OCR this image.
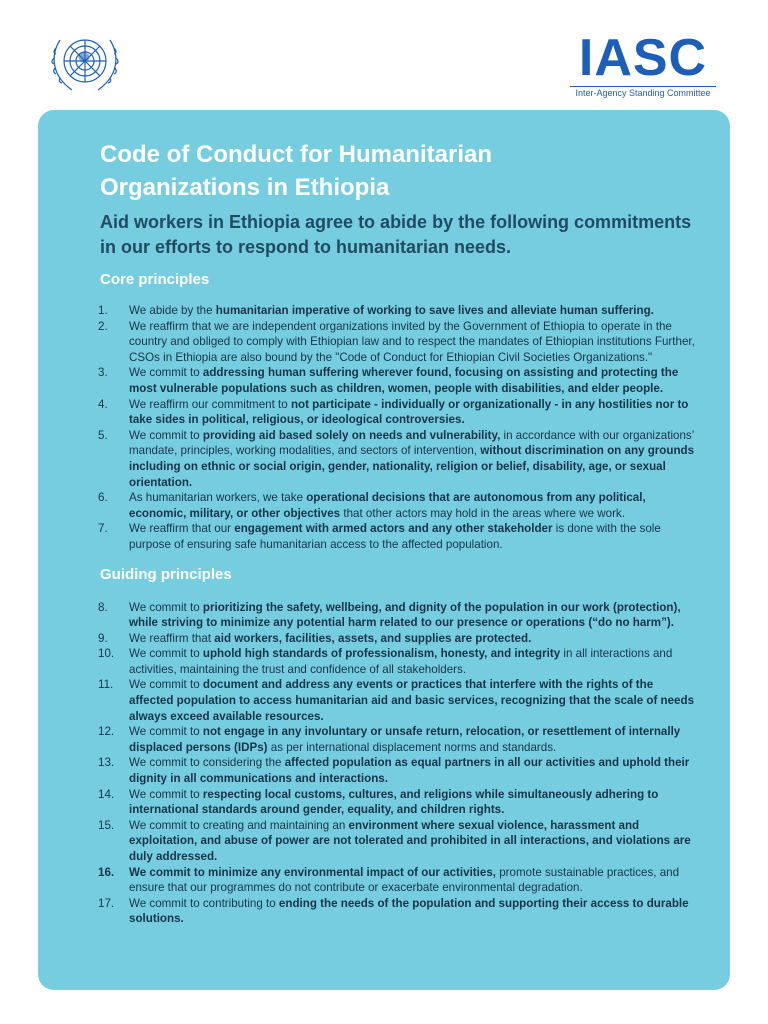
IASC
Inter-Agency Standing Committee
Code of Conduct for Humanitarian
Organizations in Ethiopia

Aid workers in Ethiopia agree to abide by the following commitments in our efforts to respond to humanitarian needs.

Core principles
1.	We abide by the humanitarian imperative of working to save lives and alleviate human suffering.
2.	We reaffirm that we are independent organizations invited by the Government of Ethiopia to operate in the country and obliged to comply with Ethiopian law and to respect the mandates of Ethiopian institutions Further, CSOs in Ethiopia are also bound by the "Code of Conduct for Ethiopian Civil Societies Organizations."
3.	We commit to addressing human suffering wherever found, focusing on assisting and protecting the most vulnerable populations such as children, women, people with disabilities, and elder people.
4.	We reaffirm our commitment to not participate - individually or organizationally - in any hostilities nor to take sides in political, religious, or ideological controversies.
5.	We commit to providing aid based solely on needs and vulnerability, in accordance with our organizations’ mandate, principles, working modalities, and sectors of intervention, without discrimination on any grounds including on ethnic or social origin, gender, nationality, religion or belief, disability, age, or sexual orientation.
6.	As humanitarian workers, we take operational decisions that are autonomous from any political, economic, military, or other objectives that other actors may hold in the areas where we work.
7.	We reaffirm that our engagement with armed actors and any other stakeholder is done with the sole purpose of ensuring safe humanitarian access to the affected population.
Guiding principles
8.	We commit to prioritizing the safety, wellbeing, and dignity of the population in our work (protection), while striving to minimize any potential harm related to our presence or operations (“do no harm”).
9.	We reaffirm that aid workers, facilities, assets, and supplies are protected.
10.	We commit to uphold high standards of professionalism, honesty, and integrity in all interactions and activities, maintaining the trust and confidence of all stakeholders.
11.	We commit to document and address any events or practices that interfere with the rights of the affected population to access humanitarian aid and basic services, recognizing that the scale of needs always exceed available resources.
12.	We commit to not engage in any involuntary or unsafe return, relocation, or resettlement of internally displaced persons (IDPs) as per international displacement norms and standards.
13.	We commit to considering the affected population as equal partners in all our activities and uphold their dignity in all communications and interactions.
14.	We commit to respecting local customs, cultures, and religions while simultaneously adhering to international standards around gender, equality, and children rights.
15.	We commit to creating and maintaining an environment where sexual violence, harassment and exploitation, and abuse of power are not tolerated and prohibited in all interactions, and violations are duly addressed.
16.	We commit to minimize any environmental impact of our activities, promote sustainable practices, and ensure that our programmes do not contribute or exacerbate environmental degradation.
17.	We commit to contributing to ending the needs of the population and supporting their access to durable solutions.
